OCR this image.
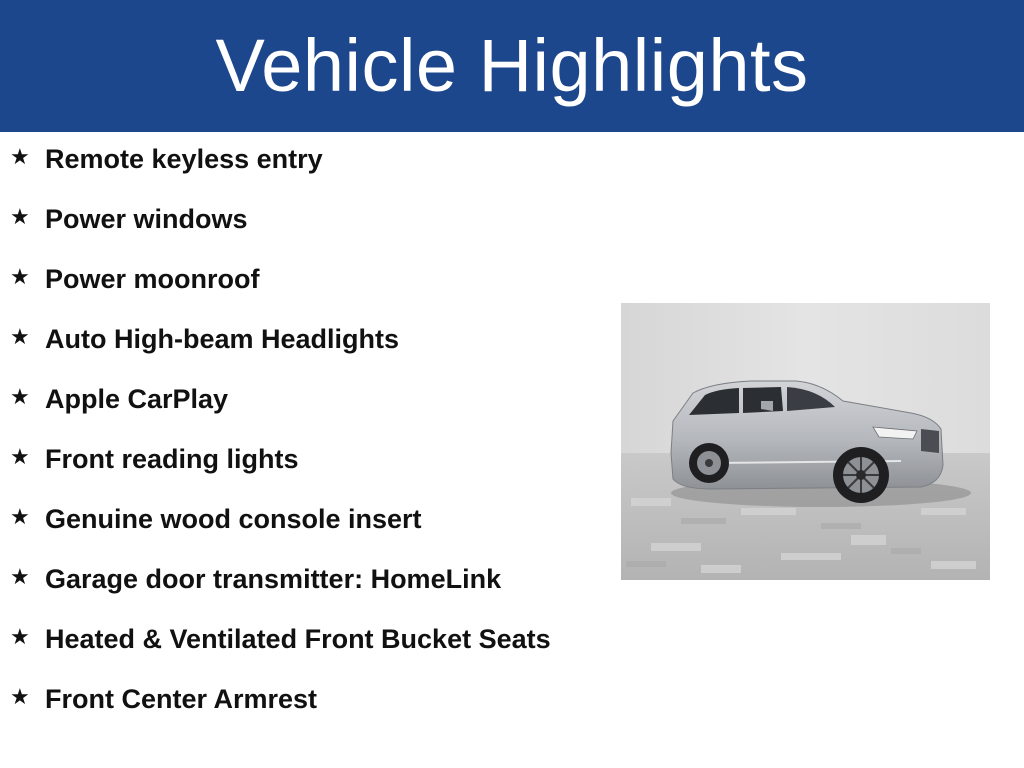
Vehicle Highlights
★ Remote keyless entry
★ Power windows
★ Power moonroof
★ Auto High-beam Headlights
★ Apple CarPlay
★ Front reading lights
★ Genuine wood console insert
★ Garage door transmitter: HomeLink
★ Heated & Ventilated Front Bucket Seats
★ Front Center Armrest
